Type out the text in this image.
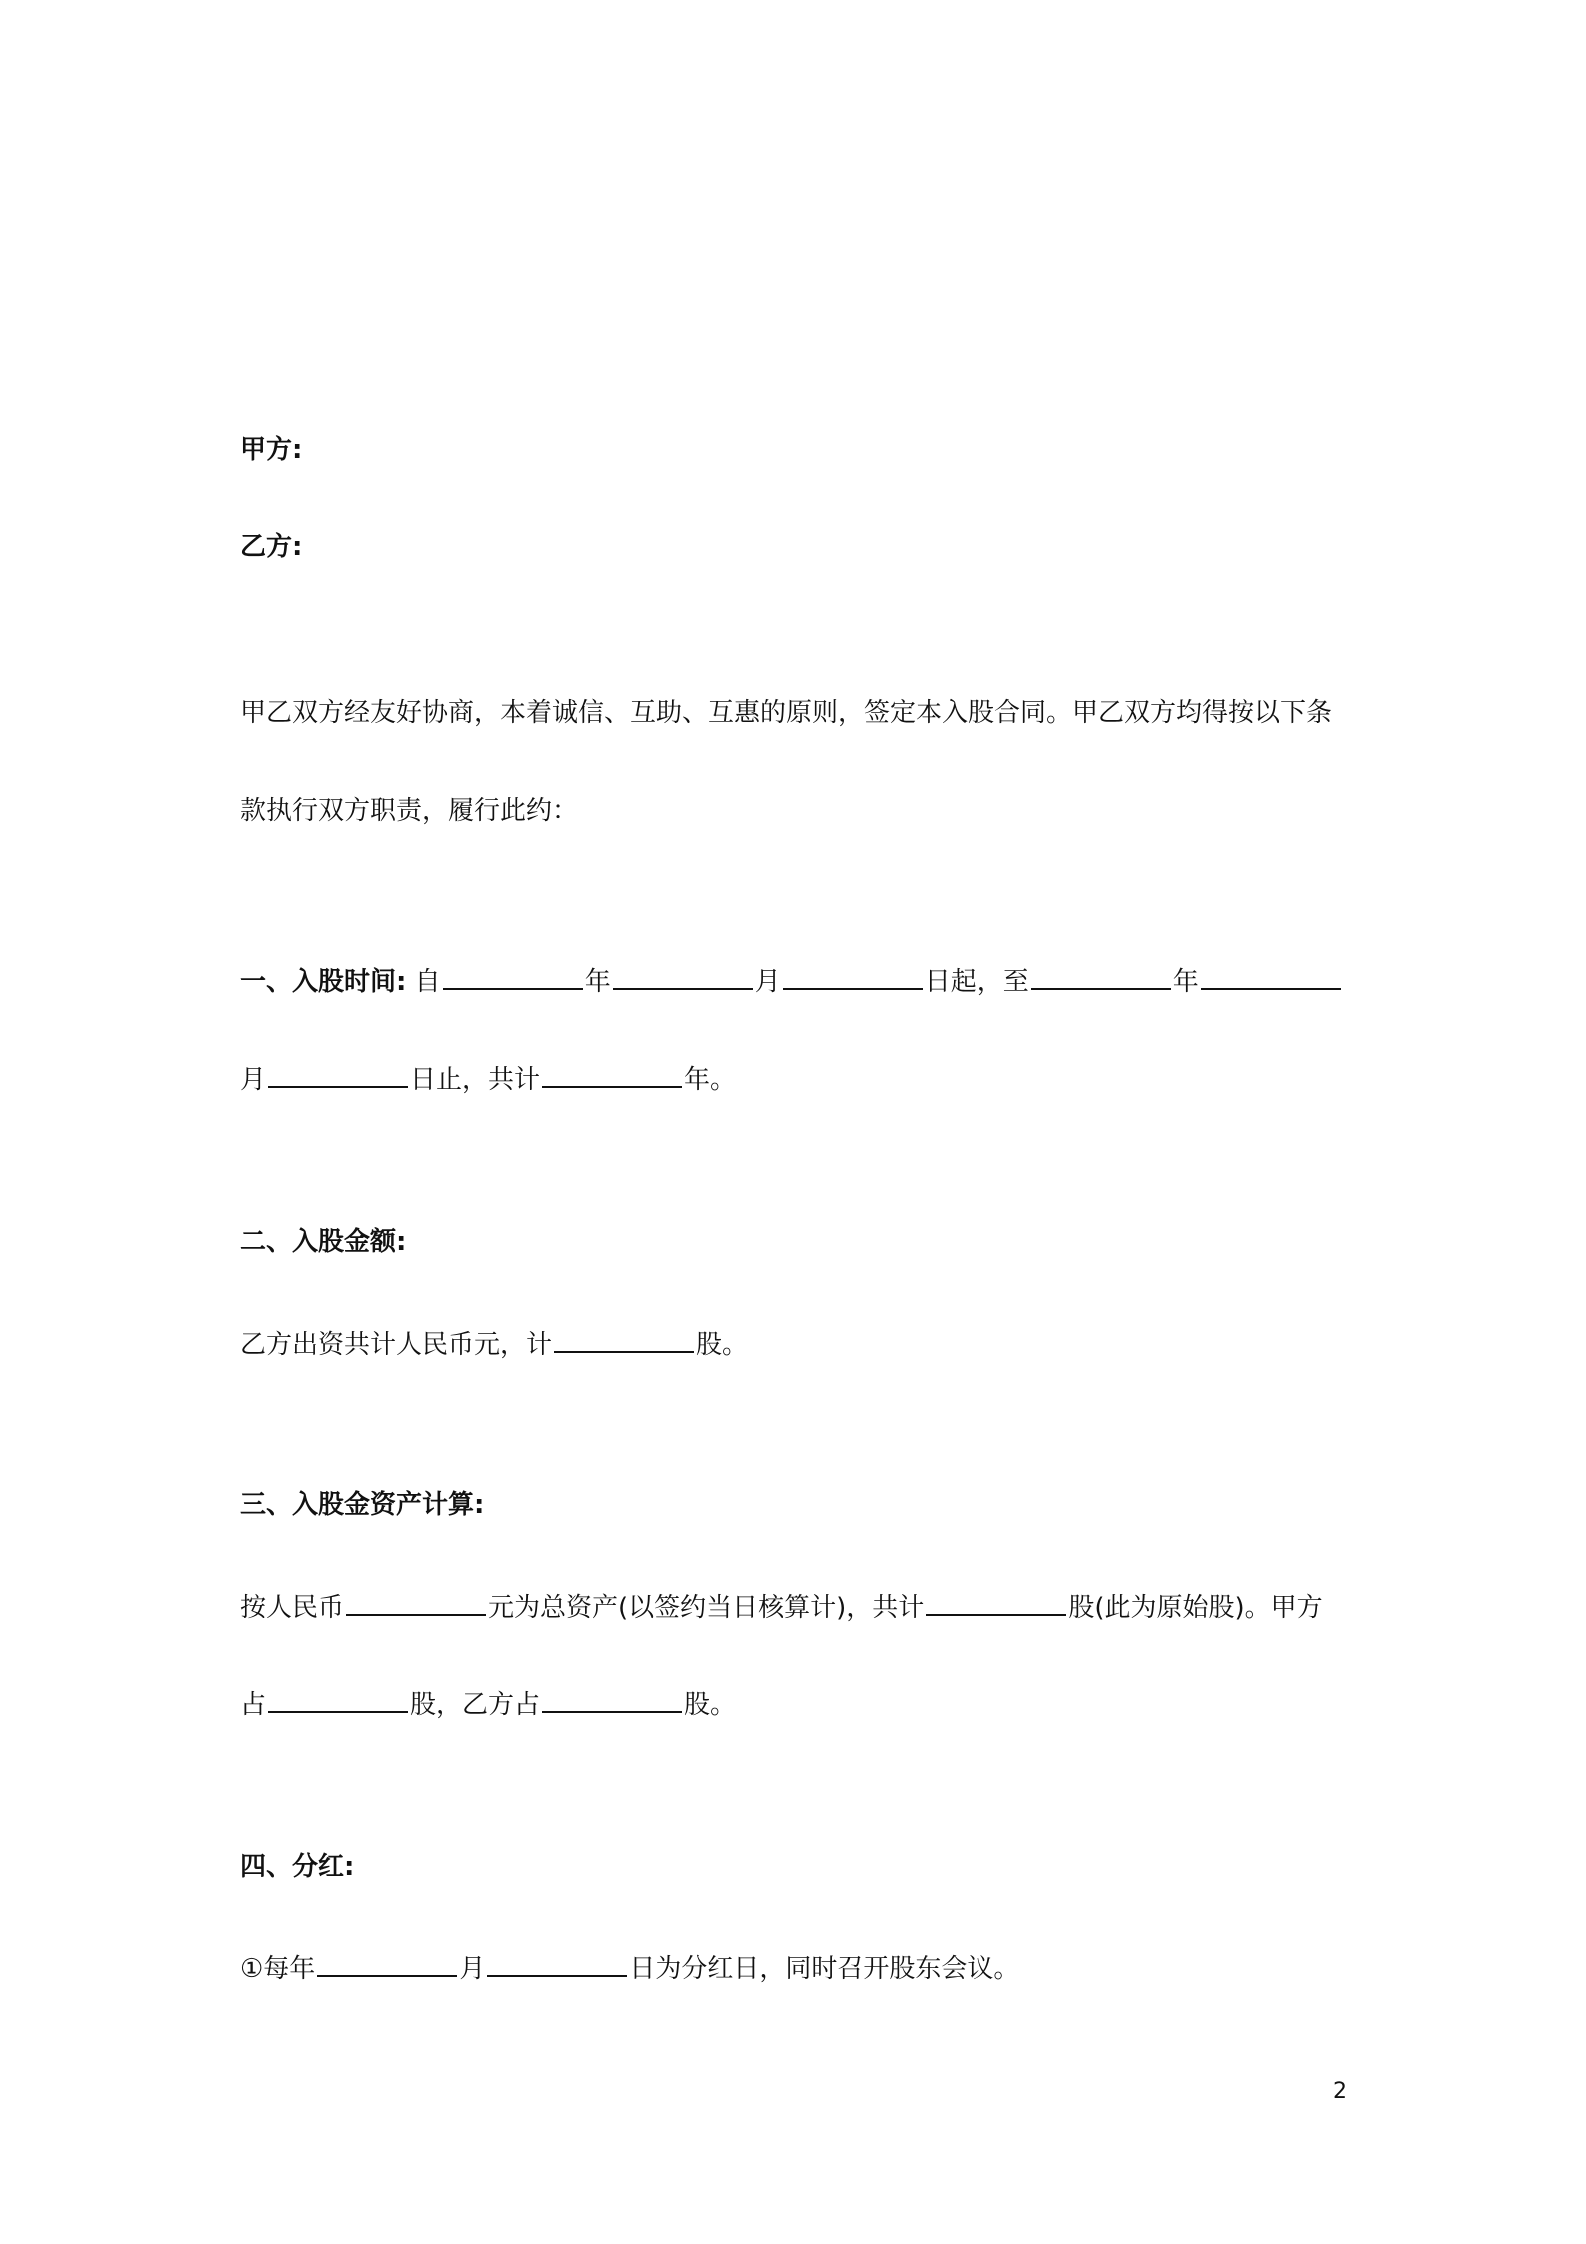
甲方:
乙方:
甲乙双方经友好协商，本着诚信、互助、互惠的原则，签定本入股合同。甲乙双方均得按以下条
款执行双方职责，履行此约：
一、入股时间: 自	年	月	日起，至	年
月	日止，共计	年。
二、入股金额:
乙方出资共计人民币元，计	股。
三、入股金资产计算:
按人民币	元为总资产(以签约当日核算计)，共计	股(此为原始股)。甲方
占	股，乙方占	股。
四、分红:
①每年	月	日为分红日，同时召开股东会议。
2
